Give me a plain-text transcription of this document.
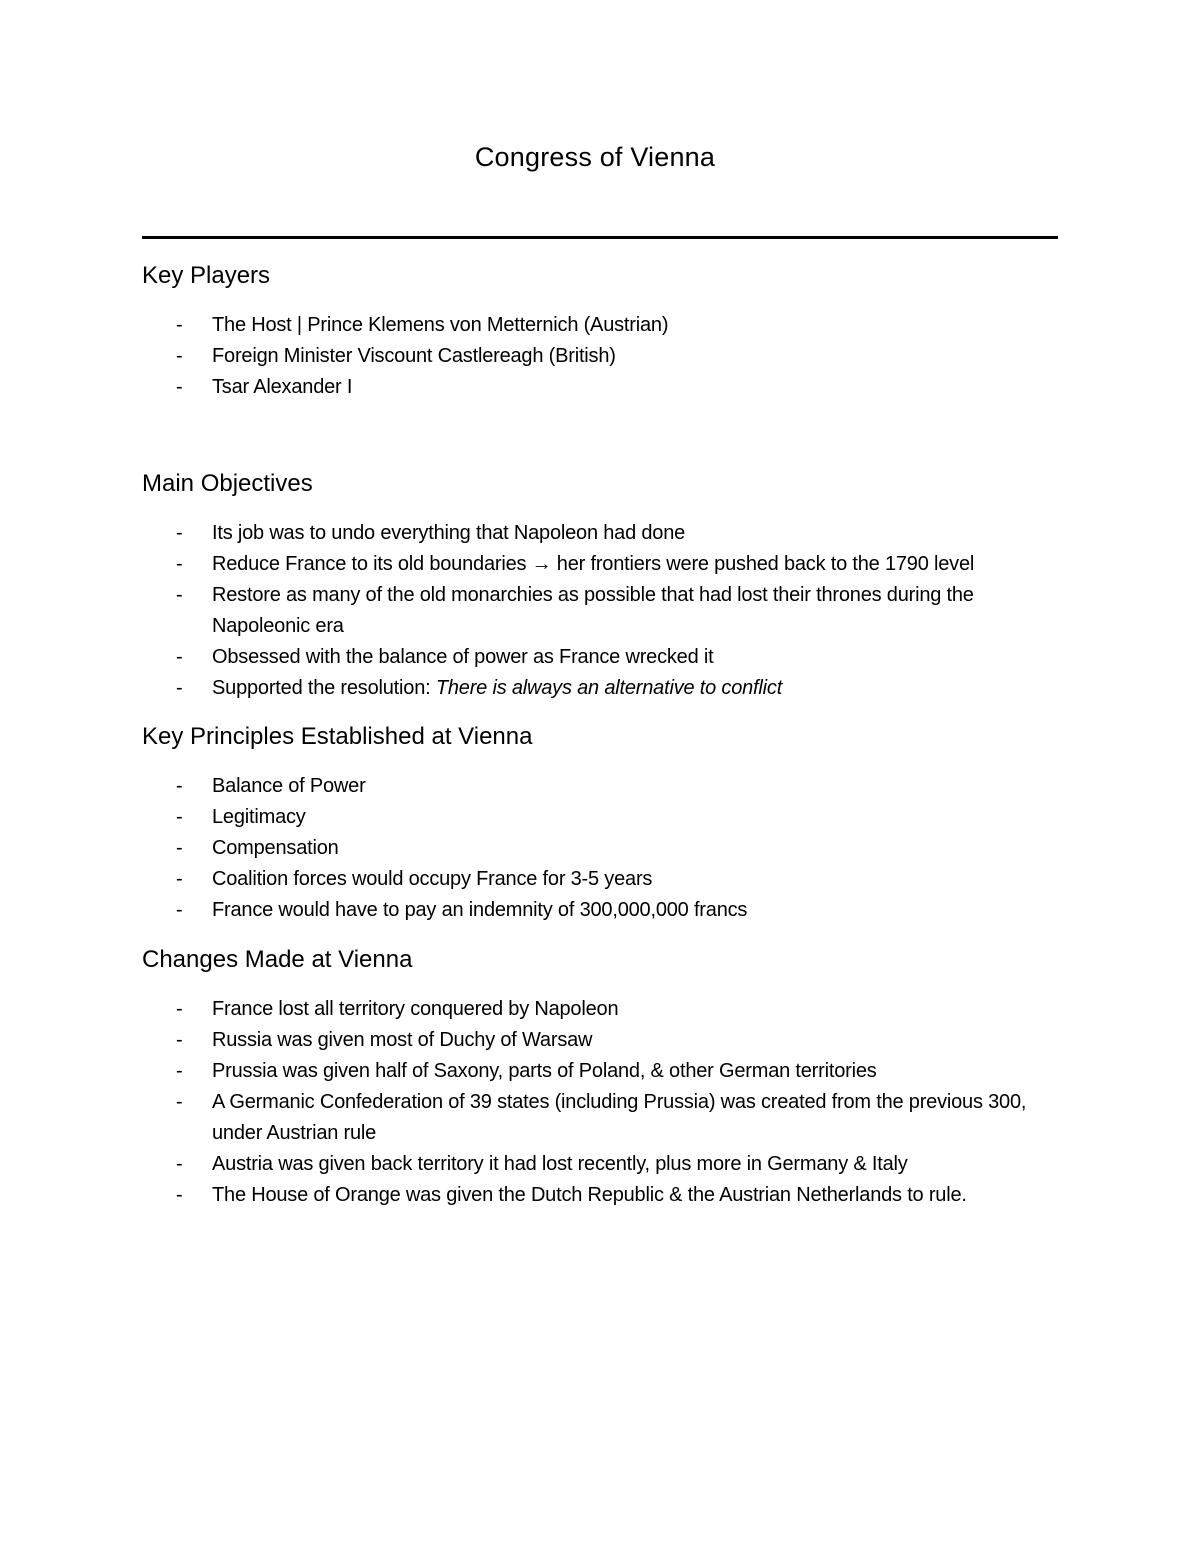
Congress of Vienna
Key Players
- The Host | Prince Klemens von Metternich (Austrian)
- Foreign Minister Viscount Castlereagh (British)
- Tsar Alexander I
Main Objectives
- Its job was to undo everything that Napoleon had done
- Reduce France to its old boundaries → her frontiers were pushed back to the 1790 level
- Restore as many of the old monarchies as possible that had lost their thrones during the Napoleonic era
- Obsessed with the balance of power as France wrecked it
- Supported the resolution: There is always an alternative to conflict
Key Principles Established at Vienna
- Balance of Power
- Legitimacy
- Compensation
- Coalition forces would occupy France for 3-5 years
- France would have to pay an indemnity of 300,000,000 francs
Changes Made at Vienna
- France lost all territory conquered by Napoleon
- Russia was given most of Duchy of Warsaw
- Prussia was given half of Saxony, parts of Poland, & other German territories
- A Germanic Confederation of 39 states (including Prussia) was created from the previous 300, under Austrian rule
- Austria was given back territory it had lost recently, plus more in Germany & Italy
- The House of Orange was given the Dutch Republic & the Austrian Netherlands to rule.
